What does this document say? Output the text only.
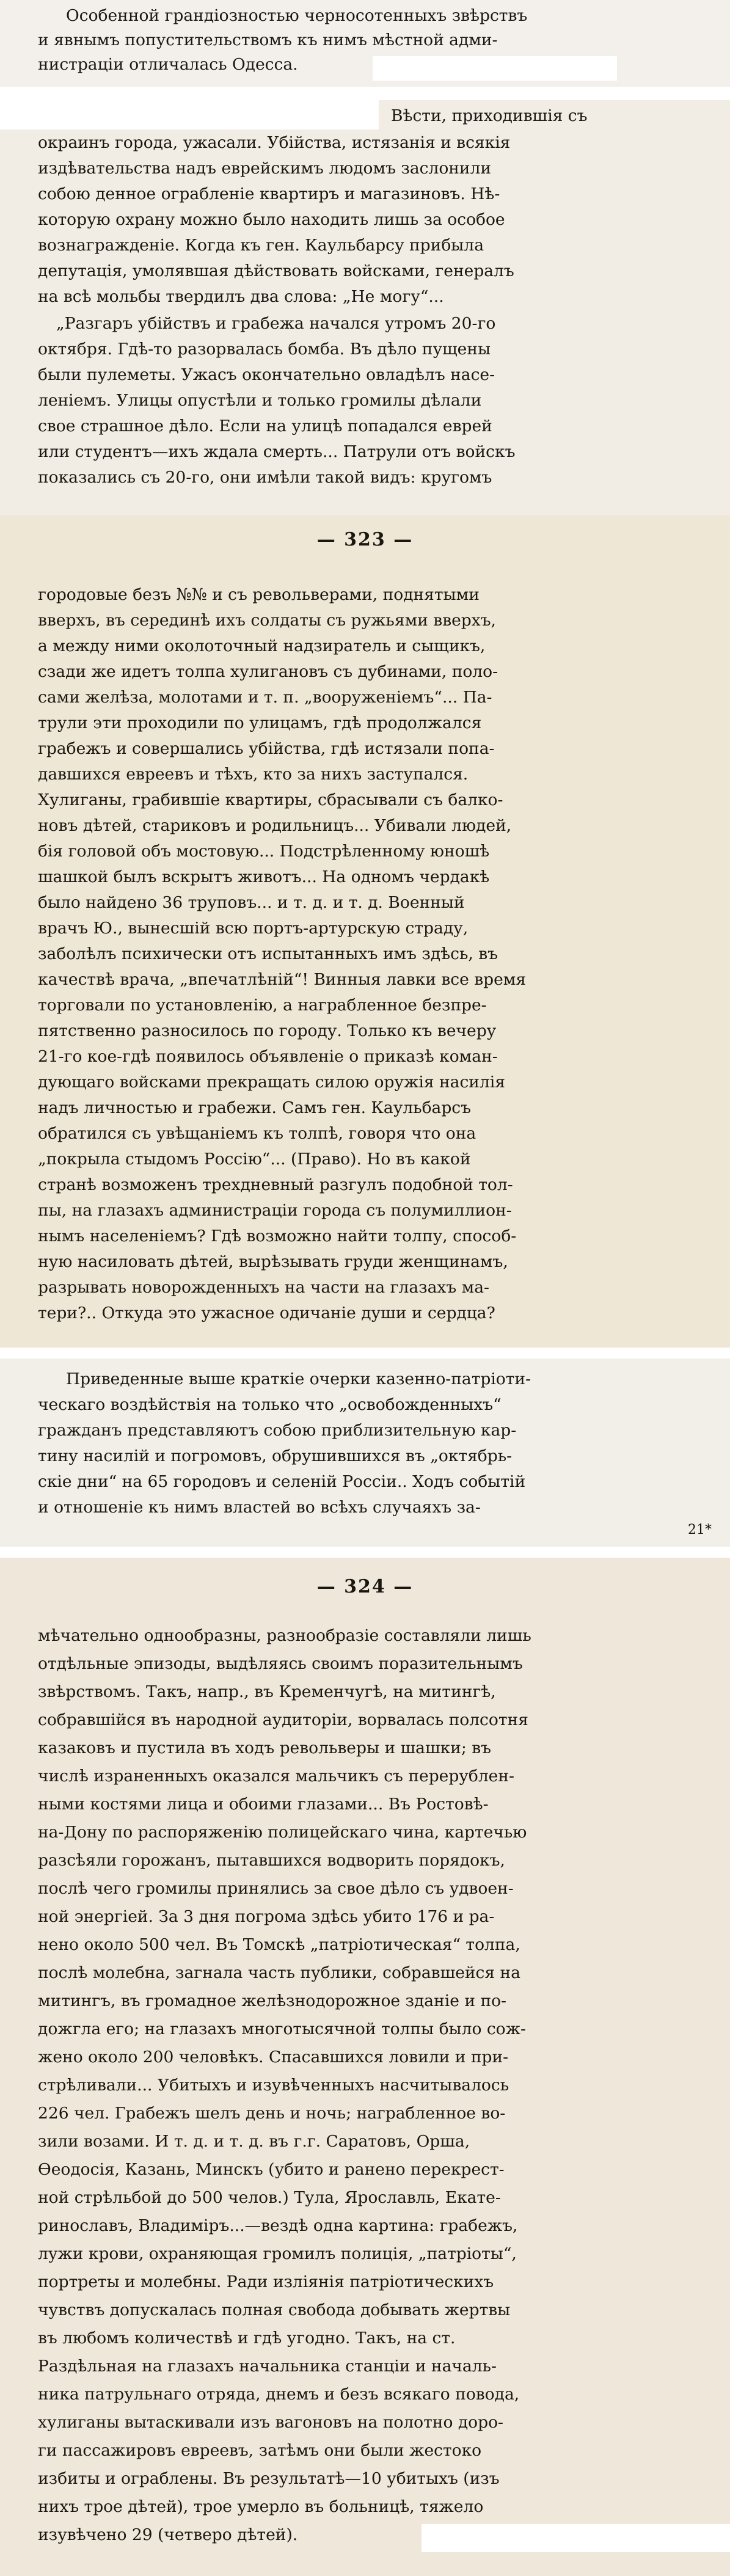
Особенной грандіозностью черносотенныхъ звѣрствъ
и явнымъ попустительствомъ къ нимъ мѣстной адми-
нистраціи отличалась Одесса.
Вѣсти, приходившія съ
окраинъ города, ужасали. Убійства, истязанія и всякія
издѣвательства надъ еврейскимъ людомъ заслонили
собою денное ограбленіе квартиръ и магазиновъ. Нѣ-
которую охрану можно было находить лишь за особое
вознагражденіе. Когда къ ген. Каульбарсу прибыла
депутація, умолявшая дѣйствовать войсками, генералъ
на всѣ мольбы твердилъ два слова: „Не могу“...
„Разгаръ убійствъ и грабежа начался утромъ 20-го
октября. Гдѣ-то разорвалась бомба. Въ дѣло пущены
были пулеметы. Ужасъ окончательно овладѣлъ насе-
леніемъ. Улицы опустѣли и только громилы дѣлали
свое страшное дѣло. Если на улицѣ попадался еврей
или студентъ—ихъ ждала смерть... Патрули отъ войскъ
показались съ 20-го, они имѣли такой видъ: кругомъ
— 323 —
городовые безъ №№ и съ револьверами, поднятыми
вверхъ, въ серединѣ ихъ солдаты съ ружьями вверхъ,
а между ними околоточный надзиратель и сыщикъ,
сзади же идетъ толпа хулигановъ съ дубинами, поло-
сами желѣза, молотами и т. п. „вооруженіемъ“... Па-
трули эти проходили по улицамъ, гдѣ продолжался
грабежъ и совершались убійства, гдѣ истязали попа-
давшихся евреевъ и тѣхъ, кто за нихъ заступался.
Хулиганы, грабившіе квартиры, сбрасывали съ балко-
новъ дѣтей, стариковъ и родильницъ... Убивали людей,
бія головой объ мостовую... Подстрѣленному юношѣ
шашкой былъ вскрытъ животъ... На одномъ чердакѣ
было найдено 36 труповъ... и т. д. и т. д. Военный
врачъ Ю., вынесшій всю портъ-артурскую страду,
заболѣлъ психически отъ испытанныхъ имъ здѣсь, въ
качествѣ врача, „впечатлѣній“! Винныя лавки все время
торговали по установленію, а награбленное безпре-
пятственно разносилось по городу. Только къ вечеру
21-го кое-гдѣ появилось объявленіе о приказѣ коман-
дующаго войсками прекращать силою оружія насилія
надъ личностью и грабежи. Самъ ген. Каульбарсъ
обратился съ увѣщаніемъ къ толпѣ, говоря что она
„покрыла стыдомъ Россію“... (Право). Но въ какой
странѣ возможенъ трехдневный разгулъ подобной тол-
пы, на глазахъ администраціи города съ полумиллион-
нымъ населеніемъ? Гдѣ возможно найти толпу, способ-
ную насиловать дѣтей, вырѣзывать груди женщинамъ,
разрывать новорожденныхъ на части на глазахъ ма-
тери?.. Откуда это ужасное одичаніе души и сердца?
Приведенные выше краткіе очерки казенно-патріоти-
ческаго воздѣйствія на только что „освобожденныхъ“
гражданъ представляютъ собою приблизительную кар-
тину насилій и погромовъ, обрушившихся въ „октябрь-
скіе дни“ на 65 городовъ и селеній Россіи.. Ходъ событій
и отношеніе къ нимъ властей во всѣхъ случаяхъ за-
21*
— 324 —
мѣчательно однообразны, разнообразіе составляли лишь
отдѣльные эпизоды, выдѣляясь своимъ поразительнымъ
звѣрствомъ. Такъ, напр., въ Кременчугѣ, на митингѣ,
собравшійся въ народной аудиторіи, ворвалась полсотня
казаковъ и пустила въ ходъ револьверы и шашки; въ
числѣ израненныхъ оказался мальчикъ съ перерублен-
ными костями лица и обоими глазами... Въ Ростовѣ-
на-Дону по распоряженію полицейскаго чина, картечью
разсѣяли горожанъ, пытавшихся водворить порядокъ,
послѣ чего громилы принялись за свое дѣло съ удвоен-
ной энергіей. За 3 дня погрома здѣсь убито 176 и ра-
нено около 500 чел. Въ Томскѣ „патріотическая“ толпа,
послѣ молебна, загнала часть публики, собравшейся на
митингъ, въ громадное желѣзнодорожное зданіе и по-
дожгла его; на глазахъ многотысячной толпы было сож-
жено около 200 человѣкъ. Спасавшихся ловили и при-
стрѣливали... Убитыхъ и изувѣченныхъ насчитывалось
226 чел. Грабежъ шелъ день и ночь; награбленное во-
зили возами. И т. д. и т. д. въ г.г. Саратовъ, Орша,
Ѳеодосія, Казань, Минскъ (убито и ранено перекрест-
ной стрѣльбой до 500 челов.) Тула, Ярославль, Екате-
ринославъ, Владиміръ...—вездѣ одна картина: грабежъ,
лужи крови, охраняющая громилъ полиція, „патріоты“,
портреты и молебны. Ради изліянія патріотическихъ
чувствъ допускалась полная свобода добывать жертвы
въ любомъ количествѣ и гдѣ угодно. Такъ, на ст.
Раздѣльная на глазахъ начальника станціи и началь-
ника патрульнаго отряда, днемъ и безъ всякаго повода,
хулиганы вытаскивали изъ вагоновъ на полотно доро-
ги пассажировъ евреевъ, затѣмъ они были жестоко
избиты и ограблены. Въ результатѣ—10 убитыхъ (изъ
нихъ трое дѣтей), трое умерло въ больницѣ, тяжело
изувѣчено 29 (четверо дѣтей).
